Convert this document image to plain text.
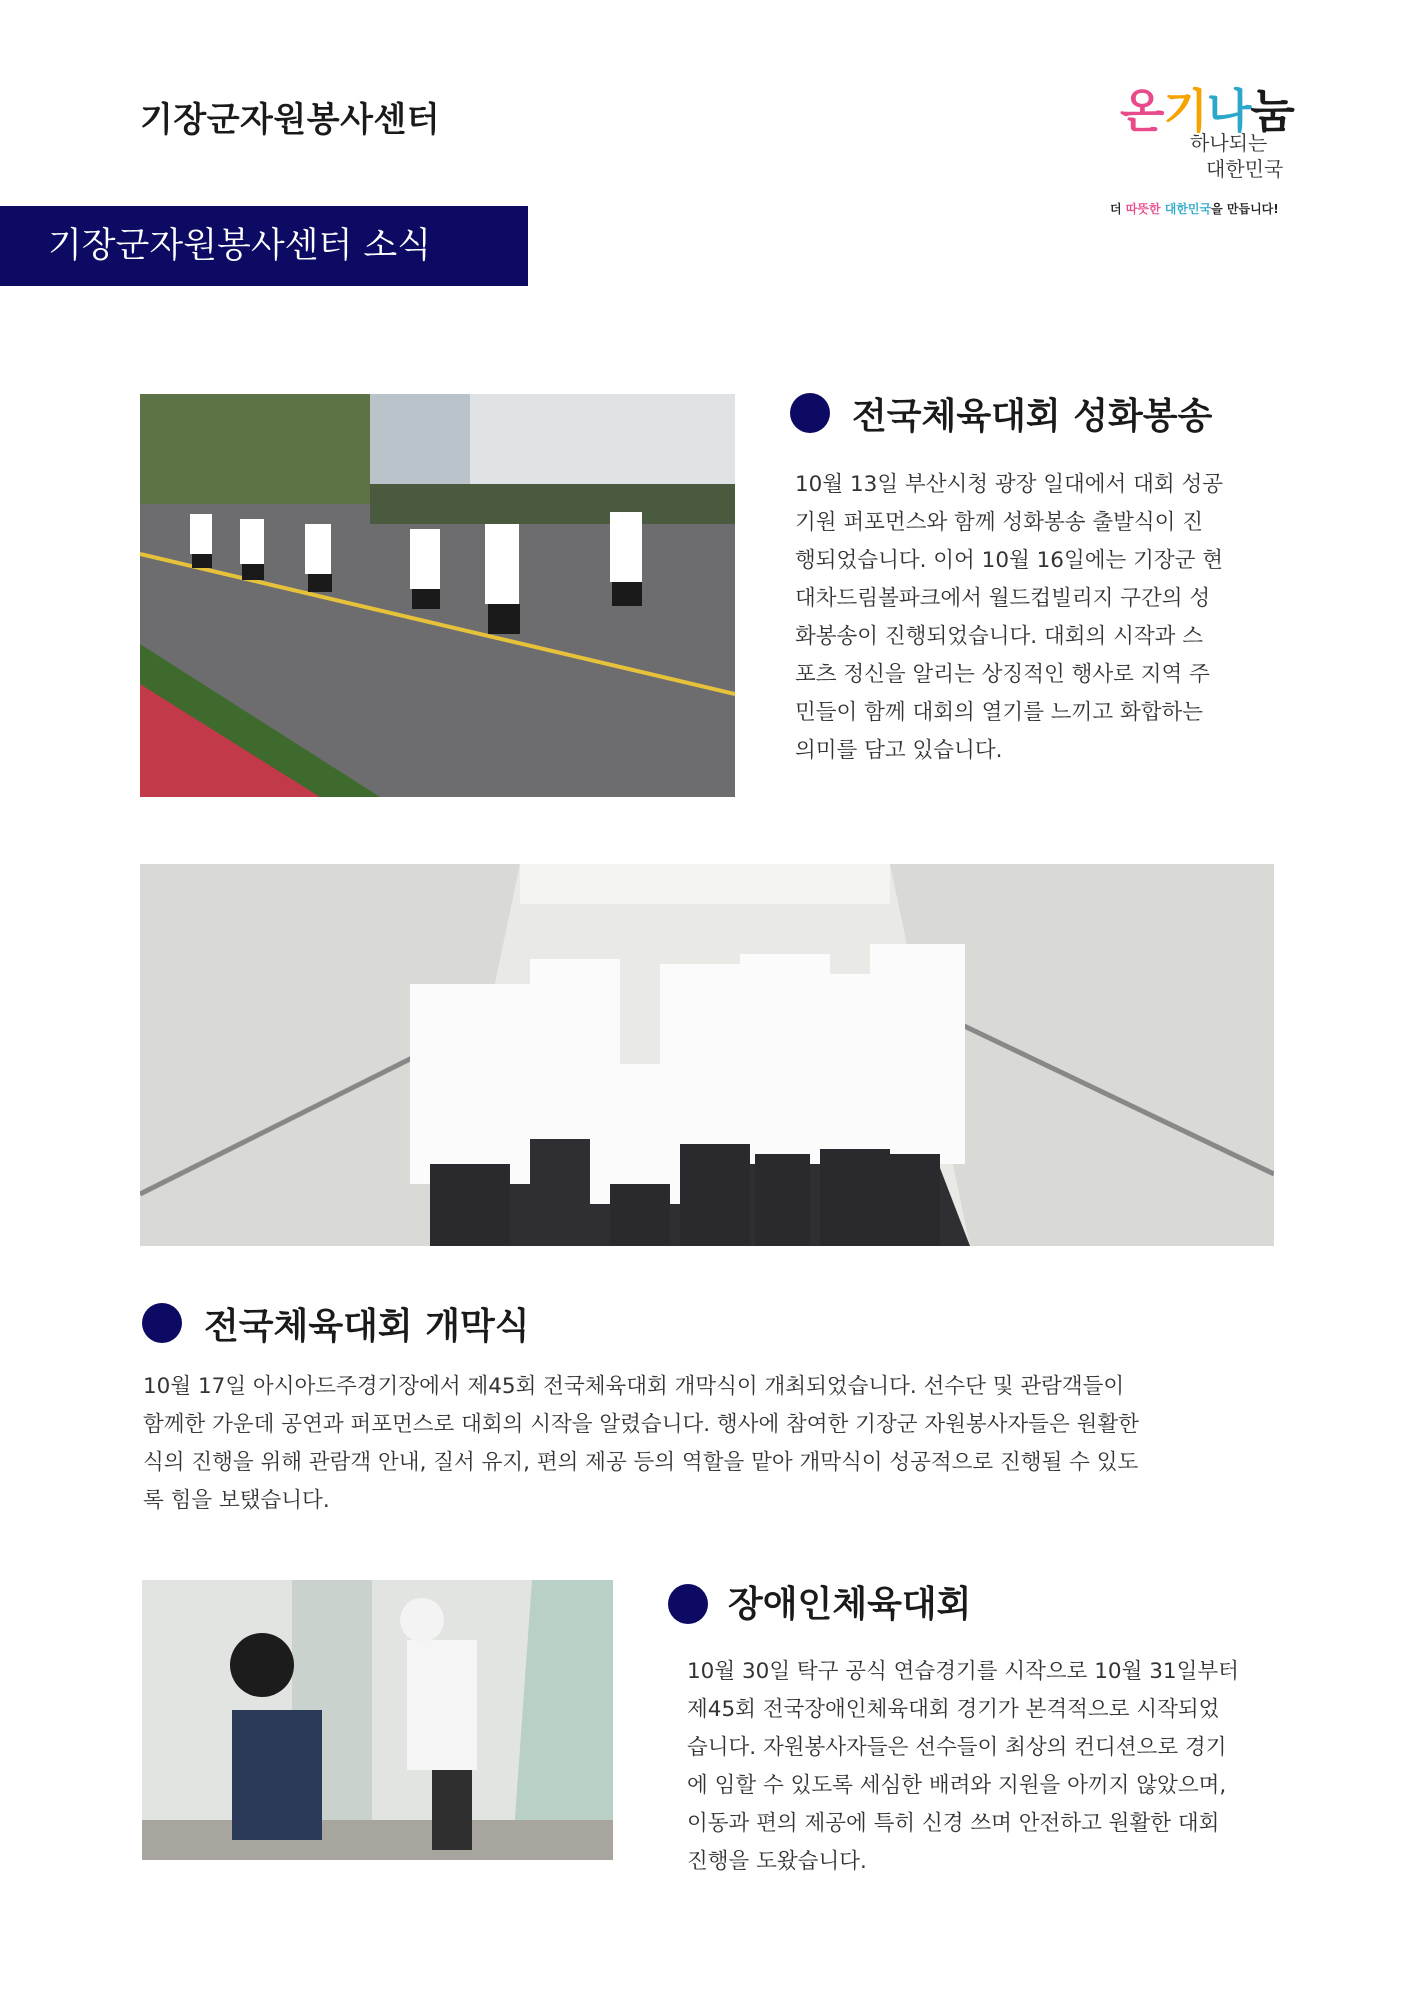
기장군자원봉사센터
기장군자원봉사센터 소식
온기나눔
하나되는
대한민국
더 따뜻한 대한민국을 만듭니다!
전국체육대회 성화봉송
10월 13일 부산시청 광장 일대에서 대회 성공
기원 퍼포먼스와 함께 성화봉송 출발식이 진
행되었습니다. 이어 10월 16일에는 기장군 현
대차드림볼파크에서 월드컵빌리지 구간의 성
화봉송이 진행되었습니다. 대회의 시작과 스
포츠 정신을 알리는 상징적인 행사로 지역 주
민들이 함께 대회의 열기를 느끼고 화합하는
의미를 담고 있습니다.
전국체육대회 개막식
10월 17일 아시아드주경기장에서 제45회 전국체육대회 개막식이 개최되었습니다. 선수단 및 관람객들이
함께한 가운데 공연과 퍼포먼스로 대회의 시작을 알렸습니다. 행사에 참여한 기장군 자원봉사자들은 원활한
식의 진행을 위해 관람객 안내, 질서 유지, 편의 제공 등의 역할을 맡아 개막식이 성공적으로 진행될 수 있도
록 힘을 보탰습니다.
장애인체육대회
10월 30일 탁구 공식 연습경기를 시작으로 10월 31일부터
제45회 전국장애인체육대회 경기가 본격적으로 시작되었
습니다. 자원봉사자들은 선수들이 최상의 컨디션으로 경기
에 임할 수 있도록 세심한 배려와 지원을 아끼지 않았으며,
이동과 편의 제공에 특히 신경 쓰며 안전하고 원활한 대회
진행을 도왔습니다.
